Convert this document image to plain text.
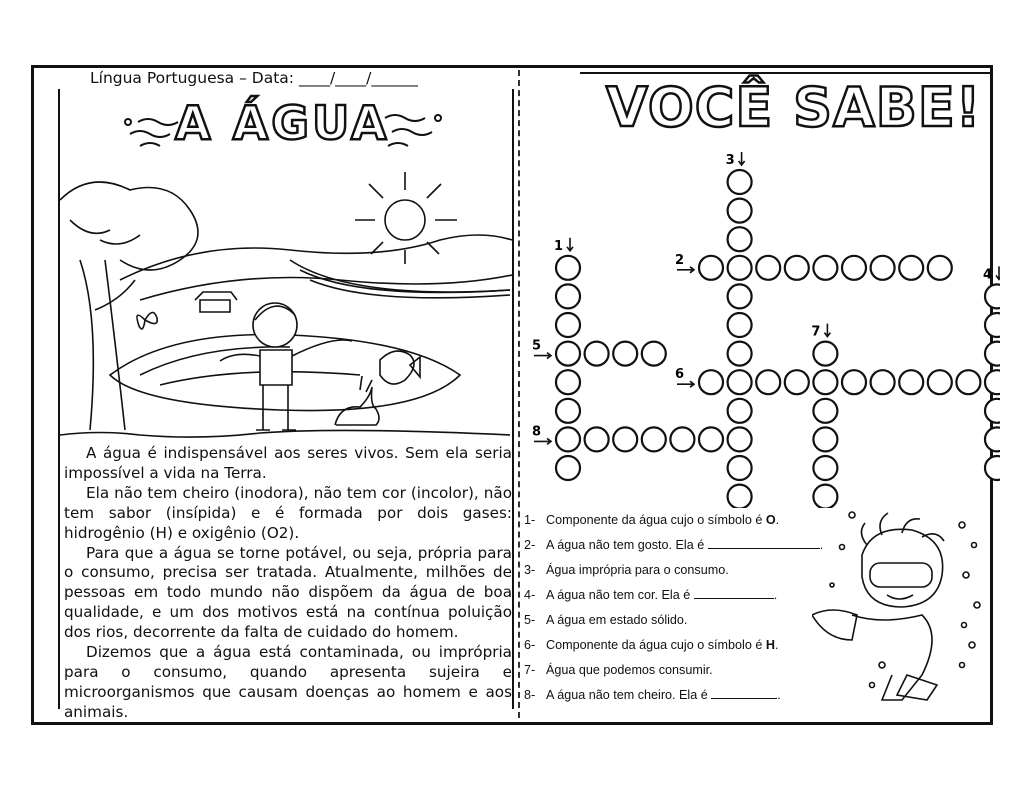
Língua Portuguesa – Data: ____/____/______
A ÁGUA

A água é indispensável aos seres vivos. Sem ela seria impossível a vida na Terra.

Ela não tem cheiro (inodora), não tem cor (incolor), não tem sabor (insípida) e é formada por dois gases: hidrogênio (H) e oxigênio (O2).

Para que a água se torne potável, ou seja, própria para o consumo, precisa ser tratada. Atualmente, milhões de pessoas em todo mundo não dispõem da água de boa qualidade, e um dos motivos está na contínua poluição dos rios, decorrente da falta de cuidado do homem.

Dizemos que a água está contaminada, ou imprópria para o consumo, quando apresenta sujeira e microorganismos que causam doenças ao homem e aos animais.

VOCÊ SABE!
1
2
3
4
5
6
7
8
1- Componente da água cujo o símbolo é O.
2- A água não tem gosto. Ela é	.
3- Água imprópria para o consumo.
4- A água não tem cor. Ela é	.
5- A água em estado sólido.
6- Componente da água cujo o símbolo é H.
7- Água que podemos consumir.
8- A água não tem cheiro. Ela é	.
